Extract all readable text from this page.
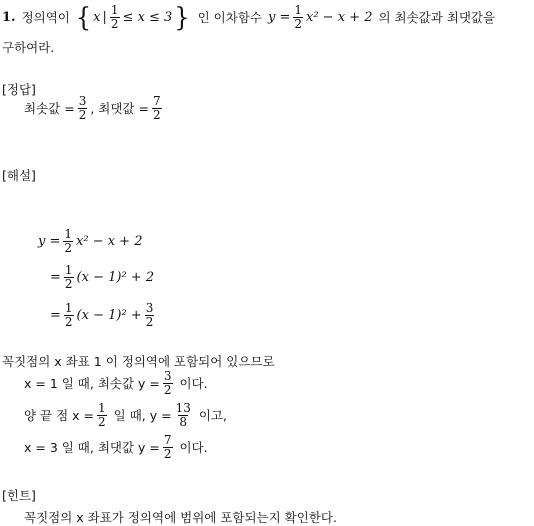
1. 정의역이 { x | $\frac{1}{2} \le x \le 3$ } 인 이차함수 $y = \frac{1}{2} x^2 - x + 2$ 의 최솟값과 최댓값을
구하여라.
[정답]
최솟값 = $\frac{3}{2}$ , 최댓값 = $\frac{7}{2}$
[해설]
$y = \frac{1}{2} x^2 - x + 2$
= $\frac{1}{2} (x - 1)^2 + 2$
= $\frac{1}{2} (x - 1)^2 + \frac{3}{2}$
꼭짓점의 x 좌표 1 이 정의역에 포함되어 있으므로
x = 1 일 때, 최솟값 $y = \frac{3}{2}$ 이다.
양 끝 점 $x = \frac{1}{2}$ 일 때, $y = \frac{13}{8}$ 이고,
x = 3 일 때, 최댓값 $y = \frac{7}{2}$ 이다.
[힌트]
꼭짓점의 x 좌표가 정의역에 범위에 포함되는지 확인한다.
